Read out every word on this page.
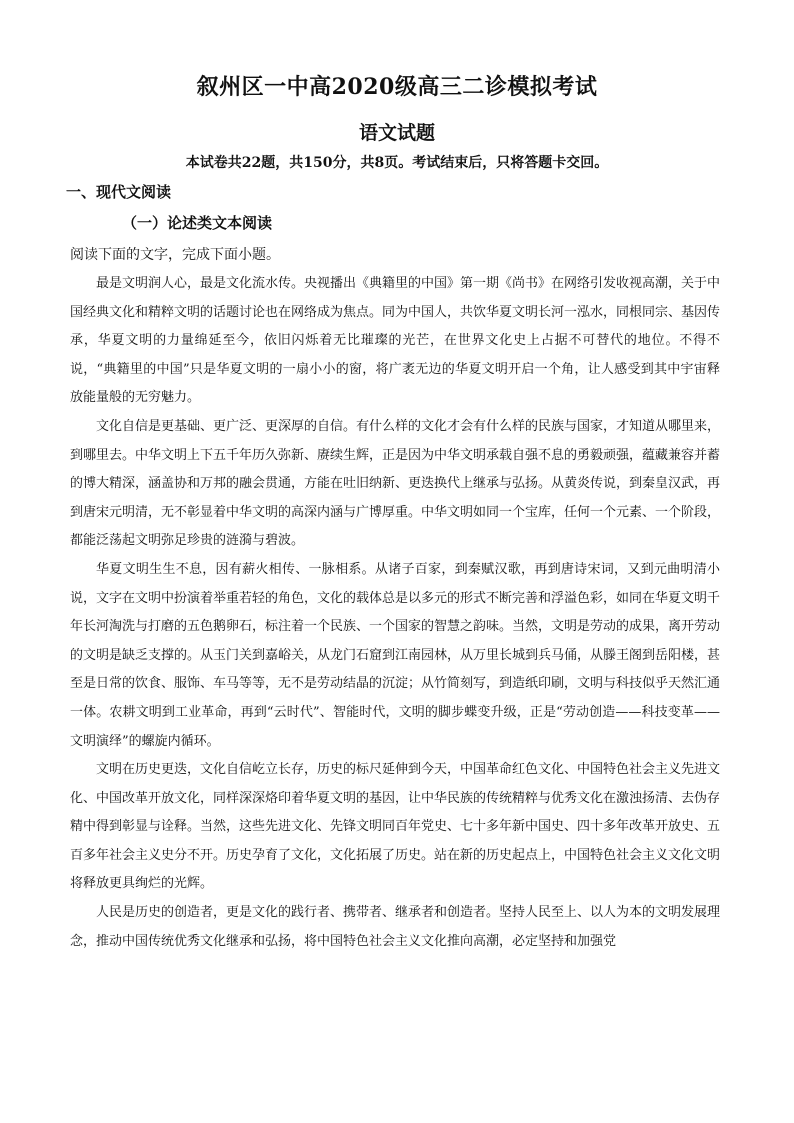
叙州区一中高2020级高三二诊模拟考试
语文试题
本试卷共22题，共150分，共8页。考试结束后，只将答题卡交回。
一、现代文阅读
（一）论述类文本阅读
阅读下面的文字，完成下面小题。

最是文明润人心，最是文化流水传。央视播出《典籍里的中国》第一期《尚书》在网络引发收视高潮，关于中国经典文化和精粹文明的话题讨论也在网络成为焦点。同为中国人，共饮华夏文明长河一泓水，同根同宗、基因传承，华夏文明的力量绵延至今，依旧闪烁着无比璀璨的光芒，在世界文化史上占据不可替代的地位。不得不说，“典籍里的中国”只是华夏文明的一扇小小的窗，将广袤无边的华夏文明开启一个角，让人感受到其中宇宙释放能量般的无穷魅力。

文化自信是更基础、更广泛、更深厚的自信。有什么样的文化才会有什么样的民族与国家，才知道从哪里来，到哪里去。中华文明上下五千年历久弥新、赓续生辉，正是因为中华文明承载自强不息的勇毅顽强，蕴藏兼容并蓄的博大精深，涵盖协和万邦的融会贯通，方能在吐旧纳新、更迭换代上继承与弘扬。从黄炎传说，到秦皇汉武，再到唐宋元明清，无不彰显着中华文明的高深内涵与广博厚重。中华文明如同一个宝库，任何一个元素、一个阶段，都能泛荡起文明弥足珍贵的涟漪与碧波。

华夏文明生生不息，因有薪火相传、一脉相系。从诸子百家，到秦赋汉歌，再到唐诗宋词，又到元曲明清小说，文字在文明中扮演着举重若轻的角色，文化的载体总是以多元的形式不断完善和浮溢色彩，如同在华夏文明千年长河淘洗与打磨的五色鹅卵石，标注着一个民族、一个国家的智慧之韵味。当然，文明是劳动的成果，离开劳动的文明是缺乏支撑的。从玉门关到嘉峪关，从龙门石窟到江南园林，从万里长城到兵马俑，从滕王阁到岳阳楼，甚至是日常的饮食、服饰、车马等等，无不是劳动结晶的沉淀；从竹简刻写，到造纸印刷，文明与科技似乎天然汇通一体。农耕文明到工业革命，再到“云时代”、智能时代，文明的脚步蝶变升级，正是“劳动创造——科技变革——文明演绎”的螺旋内循环。

文明在历史更迭，文化自信屹立长存，历史的标尺延伸到今天，中国革命红色文化、中国特色社会主义先进文化、中国改革开放文化，同样深深烙印着华夏文明的基因，让中华民族的传统精粹与优秀文化在激浊扬清、去伪存精中得到彰显与诠释。当然，这些先进文化、先锋文明同百年党史、七十多年新中国史、四十多年改革开放史、五百多年社会主义史分不开。历史孕育了文化，文化拓展了历史。站在新的历史起点上，中国特色社会主义文化文明将释放更具绚烂的光辉。

人民是历史的创造者，更是文化的践行者、携带者、继承者和创造者。坚持人民至上、以人为本的文明发展理念，推动中国传统优秀文化继承和弘扬，将中国特色社会主义文化推向高潮，必定坚持和加强党
